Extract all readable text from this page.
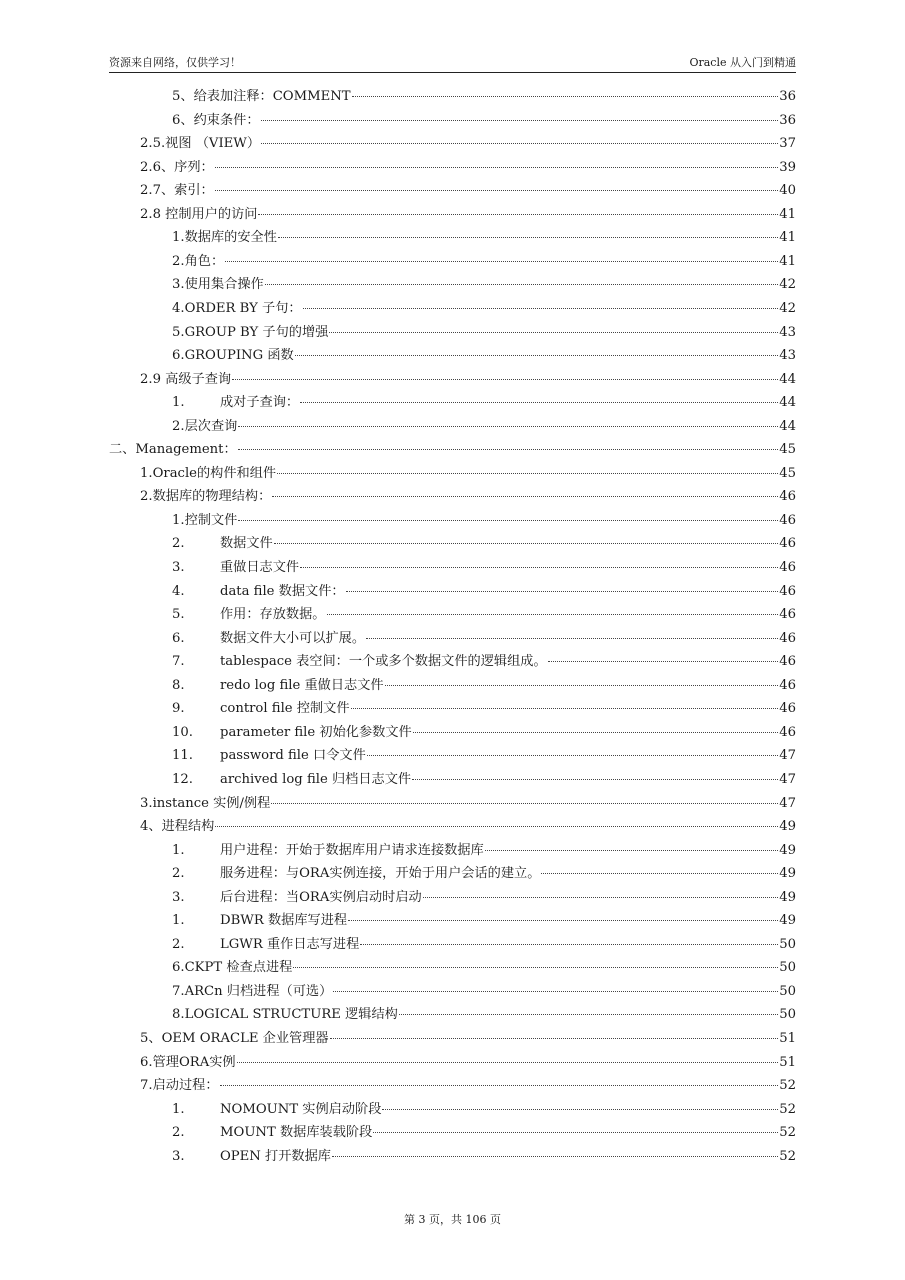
资源来自网络，仅供学习！	Oracle 从入门到精通
5、给表加注释：COMMENT	36
6、约束条件：	36
2.5.视图 （VIEW）	37
2.6、序列：	39
2.7、索引：	40
2.8 控制用户的访问	41
1.数据库的安全性	41
2.角色：	41
3.使用集合操作	42
4.ORDER BY 子句：	42
5.GROUP BY 子句的增强	43
6.GROUPING 函数	43
2.9 高级子查询	44
1.	成对子查询：	44
2.层次查询	44
二、Management：	45
1.Oracle的构件和组件	45
2.数据库的物理结构：	46
1.控制文件	46
2.	数据文件	46
3.	重做日志文件	46
4.	data file 数据文件：	46
5.	作用：存放数据。	46
6.	数据文件大小可以扩展。	46
7.	tablespace 表空间：一个或多个数据文件的逻辑组成。	46
8.	redo log file 重做日志文件	46
9.	control file 控制文件	46
10.	parameter file 初始化参数文件	46
11.	password file 口令文件	47
12.	archived log file 归档日志文件	47
3.instance 实例/例程	47
4、进程结构	49
1.	用户进程：开始于数据库用户请求连接数据库	49
2.	服务进程：与ORA实例连接，开始于用户会话的建立。	49
3.	后台进程：当ORA实例启动时启动	49
1.	DBWR 数据库写进程	49
2.	LGWR 重作日志写进程	50
6.CKPT 检查点进程	50
7.ARCn 归档进程（可选）	50
8.LOGICAL STRUCTURE 逻辑结构	50
5、OEM ORACLE 企业管理器	51
6.管理ORA实例	51
7.启动过程：	52
1.	NOMOUNT 实例启动阶段	52
2.	MOUNT 数据库装载阶段	52
3.	OPEN 打开数据库	52
第 3 页，共 106 页
